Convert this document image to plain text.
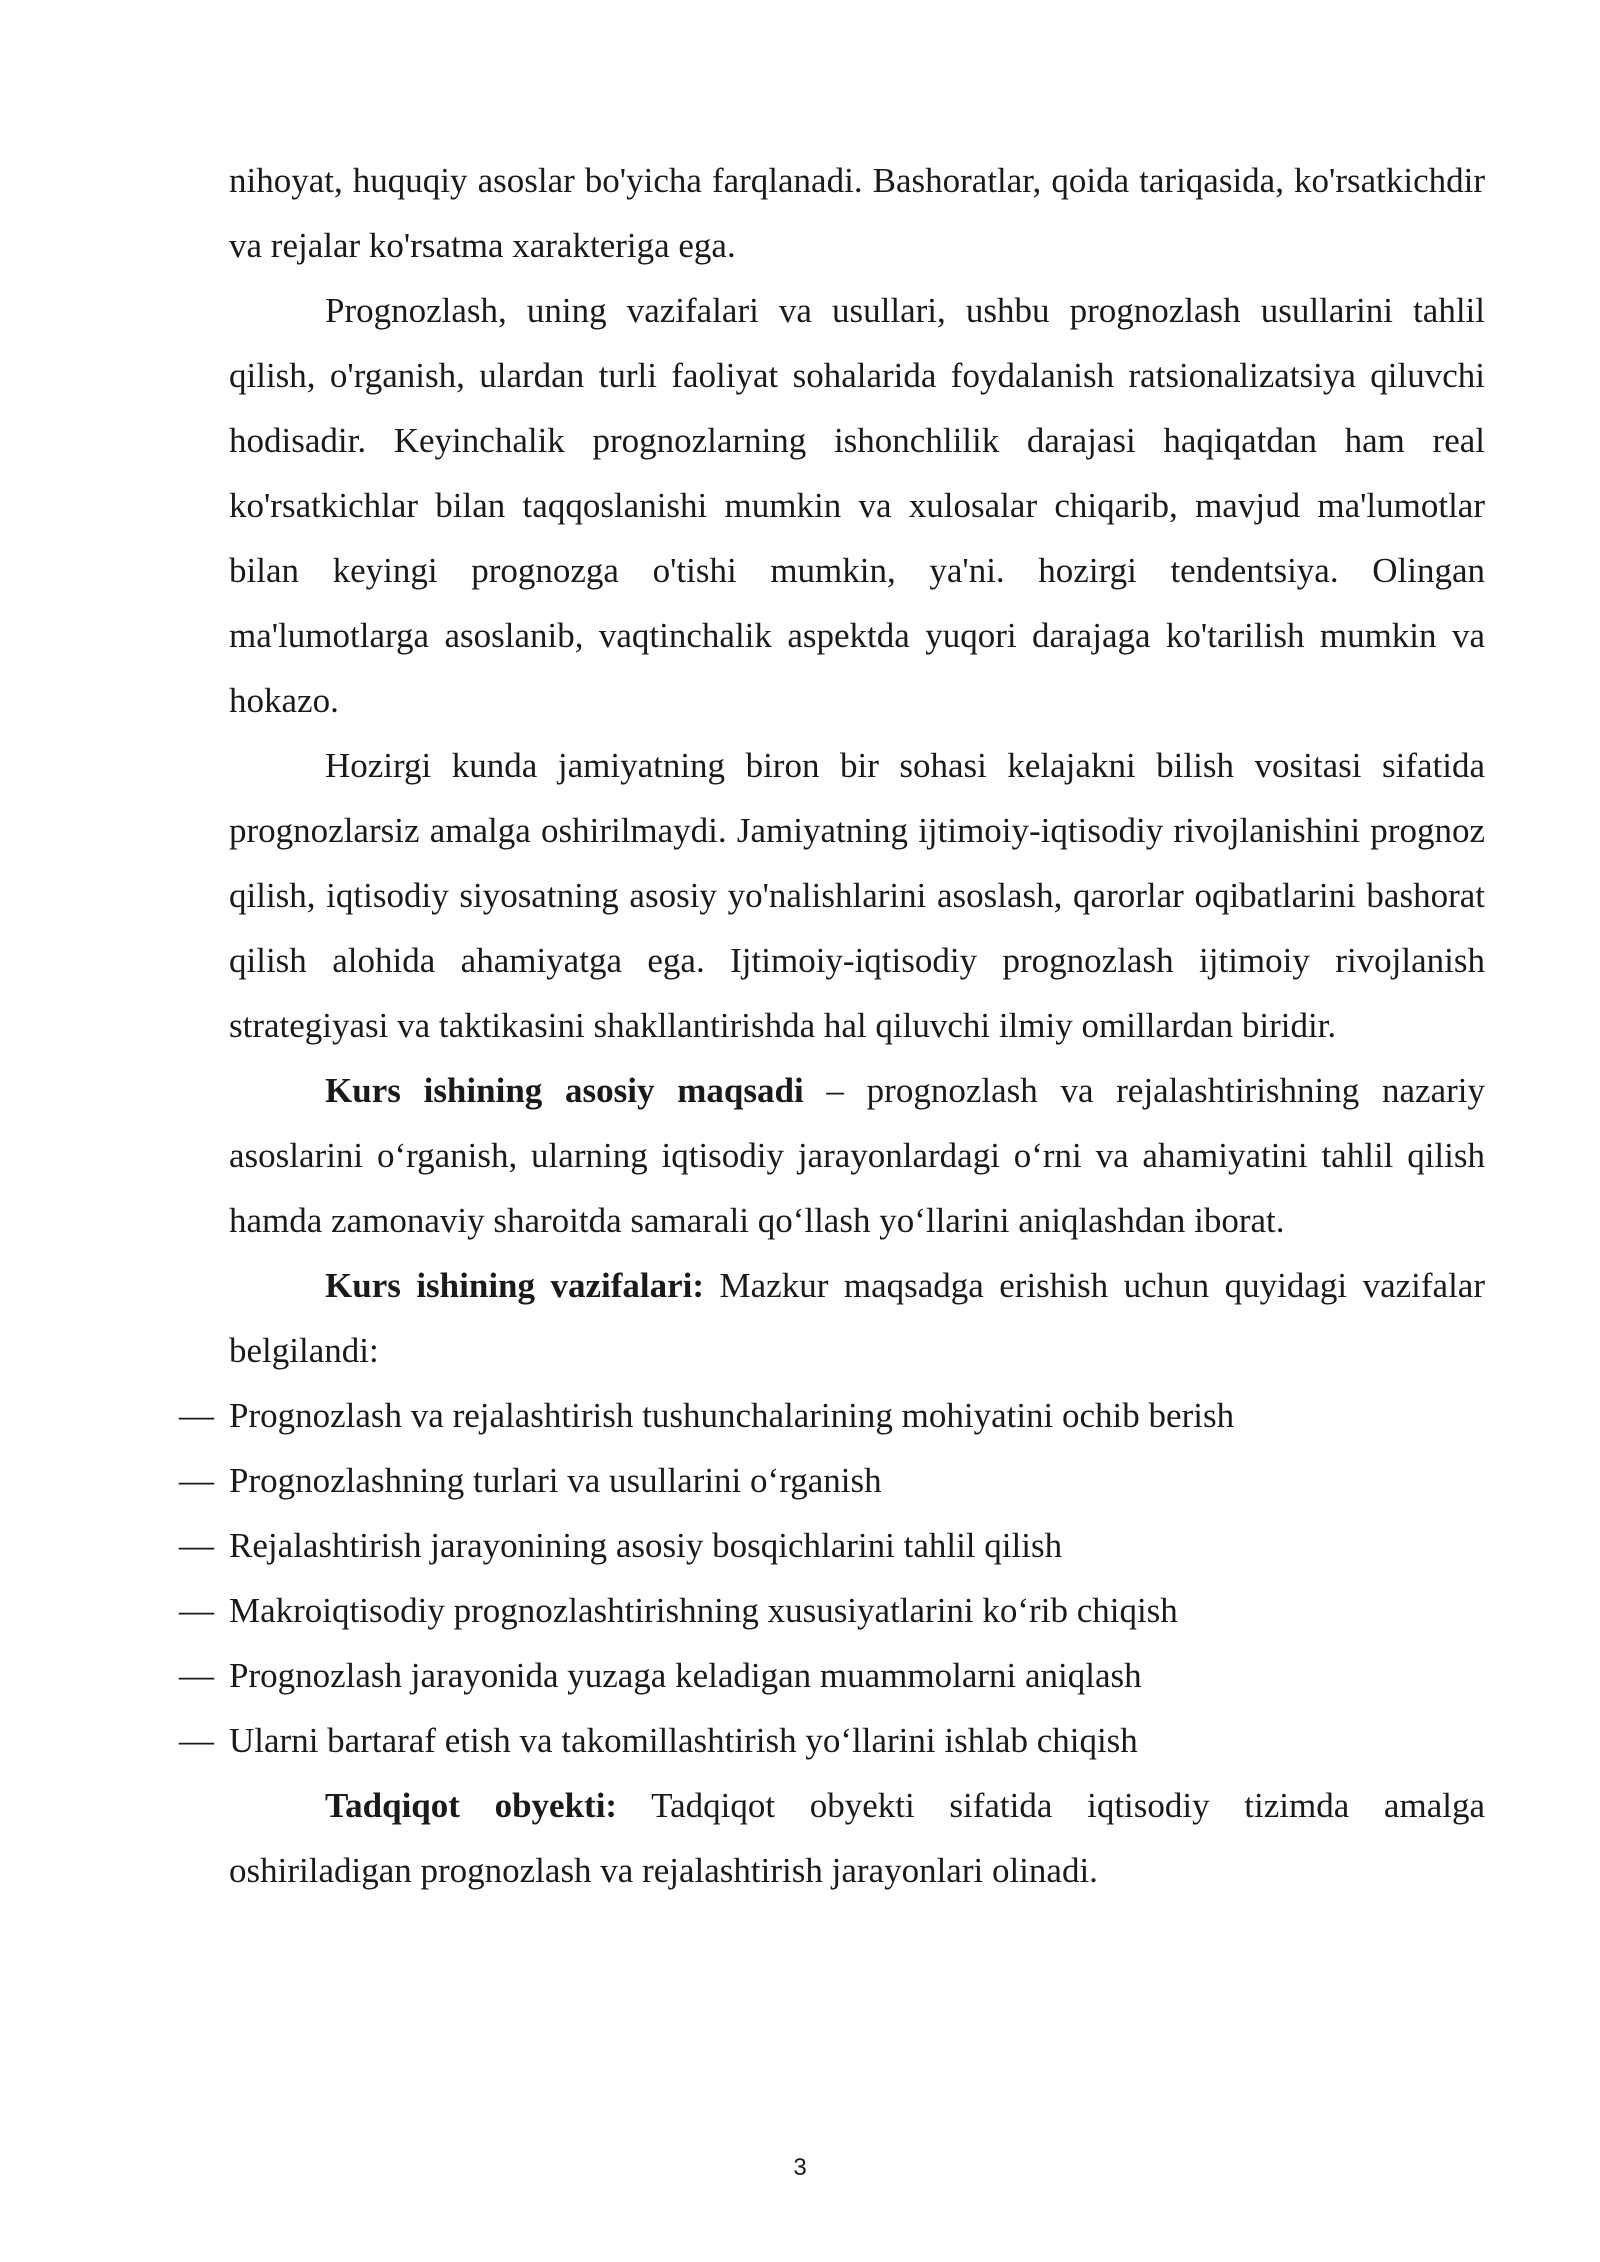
nihoyat, huquqiy asoslar bo'yicha farqlanadi. Bashoratlar, qoida tariqasida, ko'rsatkichdir va rejalar ko'rsatma xarakteriga ega.

Prognozlash, uning vazifalari va usullari, ushbu prognozlash usullarini tahlil qilish, o'rganish, ulardan turli faoliyat sohalarida foydalanish ratsionalizatsiya qiluvchi hodisadir. Keyinchalik prognozlarning ishonchlilik darajasi haqiqatdan ham real ko'rsatkichlar bilan taqqoslanishi mumkin va xulosalar chiqarib, mavjud ma'lumotlar bilan keyingi prognozga o'tishi mumkin, ya'ni. hozirgi tendentsiya. Olingan ma'lumotlarga asoslanib, vaqtinchalik aspektda yuqori darajaga ko'tarilish mumkin va hokazo.

Hozirgi kunda jamiyatning biron bir sohasi kelajakni bilish vositasi sifatida prognozlarsiz amalga oshirilmaydi. Jamiyatning ijtimoiy-iqtisodiy rivojlanishini prognoz qilish, iqtisodiy siyosatning asosiy yo'nalishlarini asoslash, qarorlar oqibatlarini bashorat qilish alohida ahamiyatga ega. Ijtimoiy-iqtisodiy prognozlash ijtimoiy rivojlanish strategiyasi va taktikasini shakllantirishda hal qiluvchi ilmiy omillardan biridir.

Kurs ishining asosiy maqsadi – prognozlash va rejalashtirishning nazariy asoslarini o‘rganish, ularning iqtisodiy jarayonlardagi o‘rni va ahamiyatini tahlil qilish hamda zamonaviy sharoitda samarali qo‘llash yo‘llarini aniqlashdan iborat.

Kurs ishining vazifalari: Mazkur maqsadga erishish uchun quyidagi vazifalar belgilandi:

— Prognozlash va rejalashtirish tushunchalarining mohiyatini ochib berish
— Prognozlashning turlari va usullarini o‘rganish
— Rejalashtirish jarayonining asosiy bosqichlarini tahlil qilish
— Makroiqtisodiy prognozlashtirishning xususiyatlarini ko‘rib chiqish
— Prognozlash jarayonida yuzaga keladigan muammolarni aniqlash
— Ularni bartaraf etish va takomillashtirish yo‘llarini ishlab chiqish

Tadqiqot obyekti: Tadqiqot obyekti sifatida iqtisodiy tizimda amalga oshiriladigan prognozlash va rejalashtirish jarayonlari olinadi.

3
